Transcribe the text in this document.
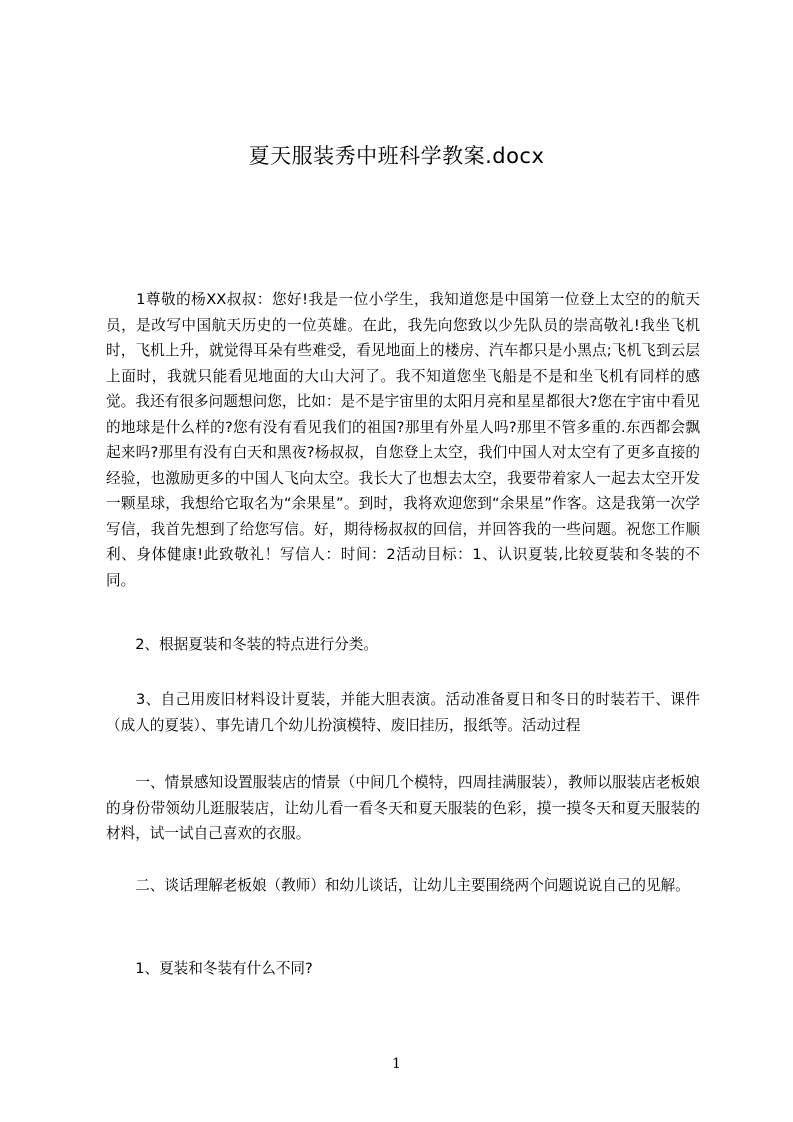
夏天服装秀中班科学教案.docx
　　1尊敬的杨XX叔叔：您好!我是一位小学生，我知道您是中国第一位登上太空的的航天员，是改写中国航天历史的一位英雄。在此，我先向您致以少先队员的崇高敬礼!我坐飞机时，飞机上升，就觉得耳朵有些难受，看见地面上的楼房、汽车都只是小黑点;飞机飞到云层上面时，我就只能看见地面的大山大河了。我不知道您坐飞船是不是和坐飞机有同样的感觉。我还有很多问题想问您，比如：是不是宇宙里的太阳月亮和星星都很大?您在宇宙中看见的地球是什么样的?您有没有看见我们的祖国?那里有外星人吗?那里不管多重的.东西都会飘起来吗?那里有没有白天和黑夜?杨叔叔，自您登上太空，我们中国人对太空有了更多直接的经验，也激励更多的中国人飞向太空。我长大了也想去太空，我要带着家人一起去太空开发一颗星球，我想给它取名为“余果星”。到时，我将欢迎您到“余果星”作客。这是我第一次学写信，我首先想到了给您写信。好，期待杨叔叔的回信，并回答我的一些问题。祝您工作顺利、身体健康!此致敬礼！写信人：时间：2活动目标：1、认识夏装,比较夏装和冬装的不同。
　　2、根据夏装和冬装的特点进行分类。
　　3、自己用废旧材料设计夏装，并能大胆表演。活动准备夏日和冬日的时装若干、课件（成人的夏装）、事先请几个幼儿扮演模特、废旧挂历，报纸等。活动过程
　　一、情景感知设置服装店的情景（中间几个模特，四周挂满服装），教师以服装店老板娘的身份带领幼儿逛服装店，让幼儿看一看冬天和夏天服装的色彩，摸一摸冬天和夏天服装的材料，试一试自己喜欢的衣服。
　　二、谈话理解老板娘（教师）和幼儿谈话，让幼儿主要围绕两个问题说说自己的见解。
　　1、夏装和冬装有什么不同?
1
